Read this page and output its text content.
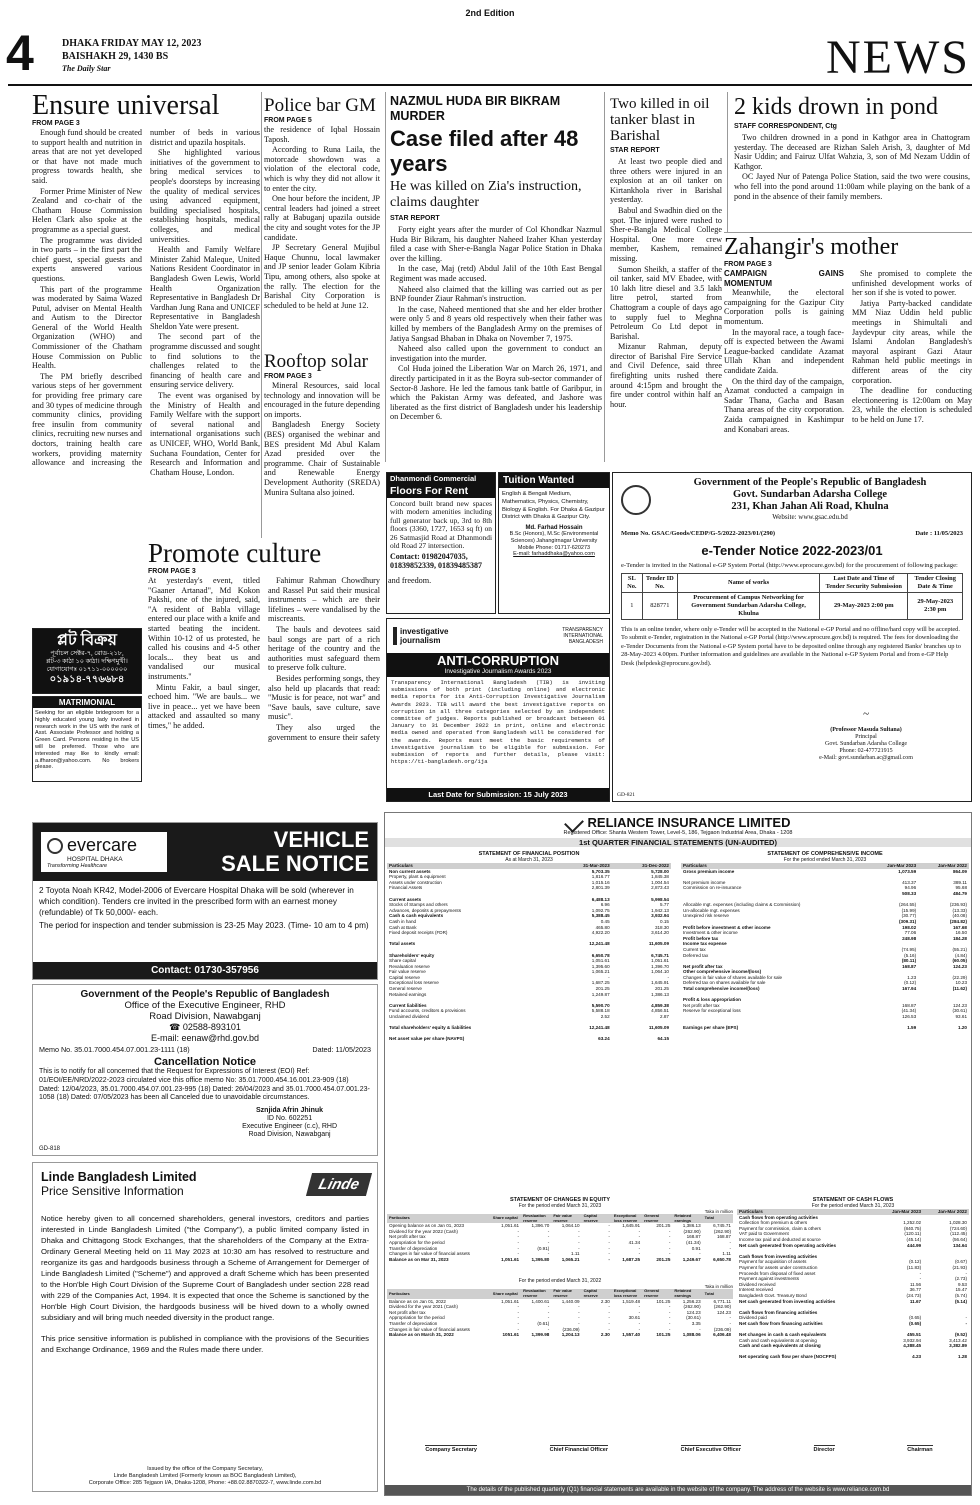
2nd Edition
4	DHAKA FRIDAY MAY 12, 2023
BAISHAKH 29, 1430 BS
The Daily Star	NEWS
Ensure universal
FROM PAGE 3

Enough fund should be created to support health and nutrition in areas that are not yet developed or that have not made much progress towards health, she said.

Former Prime Minister of New Zealand and co-chair of the Chatham House Commission Helen Clark also spoke at the programme as a special guest.

The programme was divided in two parts – in the first part the chief guest, special guests and experts answered various questions.

This part of the programme was moderated by Saima Wazed Putul, adviser on Mental Health and Autism to the Director General of the World Health Organization (WHO) and Commissioner of the Chatham House Commission on Public Health.

The PM briefly described various steps of her government for providing free primary care and 30 types of medicine through community clinics, providing free insulin from community clinics, recruiting new nurses and doctors, training health care workers, providing maternity allowance and increasing the number of beds in various district and upazila hospitals.

She highlighted various initiatives of the government to bring medical services to people's doorsteps by increasing the quality of medical services using advanced equipment, building specialised hospitals, establishing hospitals, medical colleges, and medical universities.

Health and Family Welfare Minister Zahid Maleque, United Nations Resident Coordinator in Bangladesh Gwen Lewis, World Health Organization Representative in Bangladesh Dr Vardhan Jung Rana and UNICEF Representative in Bangladesh Sheldon Yate were present.

The second part of the programme discussed and sought to find solutions to the challenges related to the financing of health care and ensuring service delivery.

The event was organised by the Ministry of Health and Family Welfare with the support of several national and international organisations such as UNICEF, WHO, World Bank, Suchana Foundation, Center for Research and Information and Chatham House, London.

Police bar GM
FROM PAGE 5

the residence of Iqbal Hossain Taposh.

According to Runa Laila, the motorcade showdown was a violation of the electoral code, which is why they did not allow it to enter the city.

One hour before the incident, JP central leaders had joined a street rally at Babuganj upazila outside the city and sought votes for the JP candidate.

JP Secretary General Mujibul Haque Chunnu, local lawmaker and JP senior leader Golam Kibria Tipu, among others, also spoke at the rally. The election for the Barishal City Corporation is scheduled to be held at June 12.

Rooftop solar
FROM PAGE 3

Mineral Resources, said local technology and innovation will be encouraged in the future depending on imports.

Bangladesh Energy Society (BES) organised the webinar and BES president Md Abul Kalam Azad presided over the programme. Chair of Sustainable and Renewable Energy Development Authority (SREDA) Munira Sultana also joined.

Promote culture
FROM PAGE 3

At yesterday's event, titled "Gaaner Artanad", Md Kokon Pakshi, one of the injured, said, "A resident of Babla village entered our place with a knife and started beating the incident. Within 10-12 of us protested, he called his cousins and 4-5 other locals... they beat us and vandalised our musical instruments."

Mintu Fakir, a baul singer, echoed him. "We are bauls... we live in peace... yet we have been attacked and assaulted so many times," he added.

Fahimur Rahman Chowdhury and Rassel Put said their musical instruments – which are their lifelines – were vandalised by the miscreants.

The bauls and devotees said baul songs are part of a rich heritage of the country and the authorities must safeguard them to preserve folk culture.

Besides performing songs, they also held up placards that read: "Music is for peace, not war" and "Save bauls, save culture, save music".

They also urged the government to ensure their safety and freedom.

NAZMUL HUDA BIR BIKRAM MURDER
Case filed after 48 years
He was killed on Zia's instruction, claims daughter
STAR REPORT

Forty eight years after the murder of Col Khondkar Nazmul Huda Bir Bikram, his daughter Naheed Izaher Khan yesterday filed a case with Sher-e-Bangla Nagar Police Station in Dhaka over the killing.

In the case, Maj (retd) Abdul Jalil of the 10th East Bengal Regiment was made accused.

Naheed also claimed that the killing was carried out as per BNP founder Ziaur Rahman's instruction.

In the case, Naheed mentioned that she and her elder brother were only 5 and 8 years old respectively when their father was killed by members of the Bangladesh Army on the premises of Jatiya Sangsad Bhaban in Dhaka on November 7, 1975.

Naheed also called upon the government to conduct an investigation into the murder.

Col Huda joined the Liberation War on March 26, 1971, and directly participated in it as the Boyra sub-sector commander of Sector-8 Jashore. He led the famous tank battle of Garibpur, in which the Pakistan Army was defeated, and Jashore was liberated as the first district of Bangladesh under his leadership on December 6.

Two killed in oil tanker blast in Barishal
STAR REPORT

At least two people died and three others were injured in an explosion at an oil tanker on Kirtankhola river in Barishal yesterday.

Babul and Swadhin died on the spot. The injured were rushed to Sher-e-Bangla Medical College Hospital. One more crew member, Kashem, remained missing.

Sumon Sheikh, a staffer of the oil tanker, said MV Ebadee, with 10 lakh litre diesel and 3.5 lakh litre petrol, started from Chattogram a couple of days ago to supply fuel to Meghna Petroleum Co Ltd depot in Barishal.

Mizanur Rahman, deputy director of Barishal Fire Service and Civil Defence, said three firefighting units rushed there around 4:15pm and brought the fire under control within half an hour.

2 kids drown in pond
STAFF CORRESPONDENT, Ctg

Two children drowned in a pond in Kathgor area in Chattogram yesterday. The deceased are Rizhan Saleh Arish, 3, daughter of Md Nasir Uddin; and Fairuz Ulfat Wahzia, 3, son of Md Nezam Uddin of Kathgor.

OC Jayed Nur of Patenga Police Station, said the two were cousins, who fell into the pond around 11:00am while playing on the bank of a pond in the absence of their family members.

Zahangir's mother
FROM PAGE 3
CAMPAIGN GAINS MOMENTUM

Meanwhile, the electoral campaigning for the Gazipur City Corporation polls is gaining momentum.

In the mayoral race, a tough face-off is expected between the Awami League-backed candidate Azamat Ullah Khan and independent candidate Zaida.

On the third day of the campaign, Azamat conducted a campaign in Sadar Thana, Gacha and Basan Thana areas of the city corporation. Zaida campaigned in Kashimpur and Konabari areas.

She promised to complete the unfinished development works of her son if she is voted to power.

Jatiya Party-backed candidate MM Niaz Uddin held public meetings in Shimultali and Jaydevpur city areas, while the Islami Andolan Bangladesh's mayoral aspirant Gazi Ataur Rahman held public meetings in different areas of the city corporation.

The deadline for conducting electioneering is 12:00am on May 23, while the election is scheduled to be held on June 17.

প্লট বিক্রয়
পূর্বাচল সেক্টর-৭, রোড-২১৮,
প্লট-৩ কাঠা ১০ কাঠা। দক্ষিণমুখী।
যোগাযোগঃ ০১৭১১-০০০০০০
০১৯১৪-৭৭৬৬৮৪
MATRIMONIAL
Seeking for an eligible bridegroom for a highly educated young lady involved in research work in the US with the rank of Asst. Associate Professor and holding a Green Card. Persons residing in the US will be preferred. Those who are interested may like to kindly email: a.ifharon@yahoo.com. No brokers please.
Dhanmondi Commercial
Floors For Rent
Concord built brand new spaces with modern amenities including full generator back up, 3rd to 8th floors (3360, 1727, 1653 sq ft) on 26 Satmasjid Road at Dhanmondi old Road 27 intersection.
Contact: 01982047035, 01839852339, 01839485387
Tuition Wanted
English & Bengali Medium, Mathematics, Physics, Chemistry, Biology & English. For Dhaka & Gazipur District with Dhaka & Gazipur City.
Md. Farhad Hossain
B.Sc (Honors), M.Sc (Environmental Sciences) Jahangirnagar University
Mobile Phone: 01717-620273
E-mail: farhaddhaka@yahoo.com
investigative journalism
TRANSPARENCY INTERNATIONAL BANGLADESH
ANTI-CORRUPTION
Investigative Journalism Awards 2023
Transparency International Bangladesh (TIB) is inviting submissions of both print (including online) and electronic media reports for its Anti-Corruption Investigative Journalism Awards 2023. TIB will award the best investigative reports on corruption in all three categories selected by an independent committee of judges. Reports published or broadcast between 01 January to 31 December 2022 in print, online and electronic media owned and operated from Bangladesh will be considered for the awards. Reports must meet the basic requirements of investigative journalism to be eligible for submission. For submission of reports and further details, please visit: https://ti-bangladesh.org/ija
Last Date for Submission: 15 July 2023
Government of the People's Republic of Bangladesh
Govt. Sundarban Adarsha College
231, Khan Jahan Ali Road, Khulna
Website: www.gsac.edu.bd
Memo No. GSAC/Goods/CEDP/G-5/2022-2023/01/(290)	Date : 11/05/2023
e-Tender Notice 2022-2023/01
e-Tender is invited in the National e-GP System Portal (http://www.eprocure.gov.bd) for the procurement of following package:
SL No.	Tender ID No.	Name of works	Last Date and Time of Tender Security Submission	Tender Closing Date & Time
1	828771	Procurement of Campus Networking for Government Sundarban Adarsha College, Khulna	29-May-2023 2:00 pm	29-May-2023 2:30 pm
This is an online tender, where only e-Tender will be accepted in the National e-GP Portal and no offline/hard copy will be accepted. To submit e-Tender, registration in the National e-GP Portal (http://www.eprocure.gov.bd) is required. The fees for downloading the e-Tender Documents from the National e-GP System portal have to be deposited online through any registered Banks' branches up to 28-May-2023 4.00pm. Further information and guidelines are available in the National e-GP System Portal and from e-GP Help Desk (helpdesk@eprocure.gov.bd).
~
(Professor Masuda Sultana)
Principal
Govt. Sundarban Adarsha College
Phone: 02-477721915
e-Mail: govt.sundarban.ac@gmail.com
GD-821
evercare
HOSPITAL DHAKA
Transforming Healthcare
VEHICLE
SALE NOTICE
2 Toyota Noah KR42, Model-2006 of Evercare Hospital Dhaka will be sold (wherever in which condition). Tenders cre invited in the prescribed form with an earnest money (refundable) of Tk 50,000/- each.
The period for inspection and tender submission is 23-25 May 2023. (Time- 10 am to 4 pm)
Contact: 01730-357956
Government of the People's Republic of Bangladesh
Office of the Executive Engineer, RHD
Road Division, Nawabganj
☎ 02588-893101
E-mail: eenaw@rhd.gov.bd
Memo No. 35.01.7000.454.07.001.23-1111 (18)	Dated: 11/05/2023
Cancellation Notice
This is to notify for all concerned that the Request for Expressions of Interest (EOI) Ref: 01/EOI/EE/NRD/2022-2023 circulated vice this office memo No: 35.01.7000.454.16.001.23-909 (18) Dated: 12/04/2023, 35.01.7000.454.07.001.23-995 (18) Dated: 26/04/2023 and 35.01.7000.454.07.001.23-1058 (18) Dated: 07/05/2023 has been all Canceled due to unavoidable circumstances.
Sznjida Afrin Jhinuk
ID No. 602251
Executive Engineer (c.c), RHD
Road Division, Nawabganj
GD-818
Linde Bangladesh Limited
Price Sensitive Information	Linde
Notice hereby given to all concerned shareholders, general investors, creditors and parties interested in Linde Bangladesh Limited ("the Company"), a public limited company listed in Dhaka and Chittagong Stock Exchanges, that the shareholders of the Company at the Extra-Ordinary General Meeting held on 11 May 2023 at 10:30 am has resolved to restructure and reorganize its gas and hardgoods business through a Scheme of Arrangement for Demerger of Linde Bangladesh Limited ("Scheme") and approved a draft Scheme which has been presented to the Hon'ble High Court Division of the Supreme Court of Bangladesh under section 228 read with 229 of the Companies Act, 1994. It is expected that once the Scheme is sanctioned by the Hon'ble High Court Division, the hardgoods business will be hived down to a wholly owned subsidiary and will bring much needed diversity in the product range.
This price sensitive information is published in compliance with the provisions of the Securities and Exchange Ordinance, 1969 and the Rules made there under.
Issued by the office of the Company Secretary,
Linde Bangladesh Limited (Formerly known as BOC Bangladesh Limited),
Corporate Office: 285 Tejgaon I/A, Dhaka-1208, Phone: +88.02.8870322-7, www.linde.com.bd
RELIANCE INSURANCE LIMITED
Registered Office: Shanta Western Tower, Level-5, 186, Tejgaon Industrial Area, Dhaka - 1208
1st QUARTER FINANCIAL STATEMENTS (UN-AUDITED)
STATEMENT OF FINANCIAL POSITION
As at March 31, 2023
Particulars	31-Mar-2023	31-Dec-2022
Non current assets	5,703.35	5,728.00
Property, plant & equipment	1,816.77	1,845.38
Assets under construction	1,015.16	1,004.54
Financial Assets	2,801.39	2,873.43

Current assets	6,488.13	5,998.54
Stocks of Stamps and others	6.96	5.77
Advances, deposits & prepayments	1,092.75	1,942.13
Cash & cash equivalents	5,388.45	3,932.94
Cash in hand	0.45	0.15
Cash at Bank	465.80	318.30
Fixed deposit receipts (FDR)	4,922.20	3,614.20

Total assets	12,241.48	11,605.09

Shareholders' equity	6,650.78	6,745.71
Share capital	1,051.61	1,051.61
Revaluation reserve	1,395.60	1,396.70
Fair value reserve	1,065.21	1,064.10
Capital reserve	-	-
Exceptional loss reserve	1,687.25	1,645.91
General reserve	201.25	201.25
Retained earnings	1,249.87	1,386.13

Current liabilities	5,590.70	4,859.38
Fund accounts, creditors & provisions	5,588.18	4,856.51
Unclaimed dividend	2.52	2.87

Total shareholders' equity & liabilities	12,241.48	11,605.09

Net asset value per share (NAVPS)	63.24	64.15
STATEMENT OF COMPREHENSIVE INCOME
For the period ended March 31, 2023
Particulars	Jan-Mar 2023	Jan-Mar 2022
Gross premium income	1,073.59	864.09

Net premium income	413.37	389.11
Commission on re-insurance	94.96	95.68
	508.33	484.79

Allocable mgt. expenses (including claims & Commission)	(264.55)	(236.93)
Un-allocable mgt. expenses	(15.99)	(13.33)
Unexpired risk reserve	(30.77)	(40.08)
	(309.31)	(284.82)
Profit before investment & other income	198.02	167.68
Investment & other income	77.06	16.50
Profit before tax	248.98	184.28
Income tax expense		
Current tax	(74.95)	(55.21)
Deferred tax	(5.16)	(4.84)
	(80.11)	(60.05)
Net profit after tax	168.87	124.23
Other comprehensive income/(loss)		
Changes in fair value of shares available for sale	1.23	(22.29)
Deferred tax on shares available for sale	(0.12)	10.23
Total comprehensive income/(loss)	167.94	(11.62)

Profit & loss appropriation		
Net profit after tax	168.87	124.23
Reserve for exceptional loss	(41.34)	(30.61)
	126.53	93.61

Earnings per share (EPS)	1.59	1.20
STATEMENT OF CHANGES IN EQUITY
For the period ended March 31, 2023
Taka in million
Particulars	Share capital	Revaluation reserve	Fair value reserve	Capital reserve	Exceptional loss reserve	General reserve	Retained earnings	Total
Opening balance as on Jan 01, 2023	1,051.61	1,396.70	1,064.10	-	1,645.91	201.25	1,386.13	6,745.71
Dividend for the year 2022 (Cash)	-	-	-	-	-	-	(262.90)	(262.90)
Net profit after tax	-	-	-	-	-	-	168.87	168.87
Appropriation for the period	-	-	-	-	41.34	-	(41.34)	-
Transfer of depreciation	-	(0.91)	-	-	-	-	0.91	-
Changes in fair value of financial assets	-	-	1.11	-	-	-	-	1.11
Balance as on Mar 31, 2023	1,051.61	1,395.80	1,065.21	-	1,687.25	201.25	1,249.67	6,650.78
For the period ended March 31, 2022
Taka in million
Particulars	Share capital	Revaluation reserve	Fair value reserve	Capital reserve	Exceptional loss reserve	General reserve	Retained earnings	Total
Balance as on Jan 01, 2022	1,051.61	1,400.61	1,440.09	2.30	1,519.48	101.25	1,256.23	6,771.11
Dividend for the year 2021 (Cash)	-	-	-	-	-	-	(262.90)	(262.90)
Net profit after tax	-	-	-	-	-	-	124.23	124.23
Appropriation for the period	-	-	-	-	30.61	-	(30.61)	-
Transfer of depreciation	-	(0.61)	-	-	-	-	3.35	-
Changes in fair value of financial assets	-	-	(236.09)	-	-	-	-	(236.09)
Balance as on March 31, 2022	1051.61	1,399.98	1,204.13	2.30	1,557.40	101.25	1,088.06	6,406.48
STATEMENT OF CASH FLOWS
For the period ended March 31, 2023
Particulars	Jan-Mar 2023	Jan-Mar 2022
Cash flows from operating activities		
Collection from premium & others	1,252.02	1,028.30
Payment for commission, claim & others	(840.75)	(724.60)
VAT paid to Government	(120.11)	(112.45)
Income tax paid and deducted at source	(45.14)	(56.64)
Net cash generated from operating activities	444.99	134.64

Cash flows from investing activities		
Payment for acquisition of assets	(0.12)	(0.67)
Payment for assets under construction	(11.83)	(21.93)
Proceeds from disposal of fixed asset	-	-
Payment against investments	-	(2.73)
Dividend received	11.56	9.53
Interest received	36.77	15.47
Bangladesh Govt. Treasury Bond	(24.73)	(5.74)
Net cash generated from investing activities	11.67	(5.14)

Cash flows from financing activities		
Dividend paid	(0.65)	-
Net cash flow from financing activities	(0.65)	-

Net changes in cash & cash equivalents	455.51	(9.52)
Cash and cash equivalents at opening	3,932.94	3,413.42
Cash and cash equivalents at closing	4,388.45	3,382.89

Net operating cash flow per share (NOCFPS)	4.23	1.28
Company Secretary	Chief Financial Officer	Chief Executive Officer	Director	Chairman
The details of the published quarterly (Q1) financial statements are available in the website of the company. The address of the website is www.reliance.com.bd
